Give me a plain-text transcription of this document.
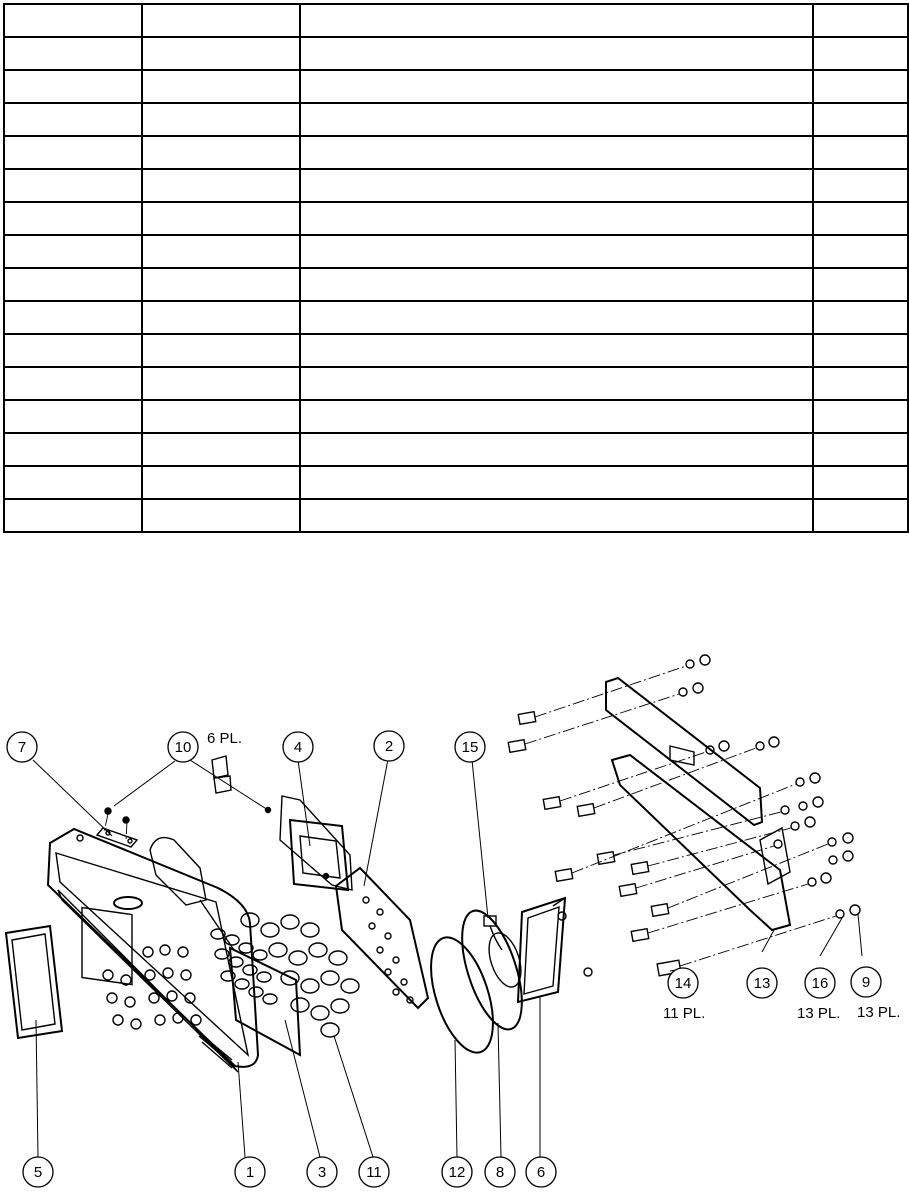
7	10	4	2	15
14	13	16 9
5	1	3	11	12 8 6
6 PL.
11 PL.	13 PL. 13 PL.
